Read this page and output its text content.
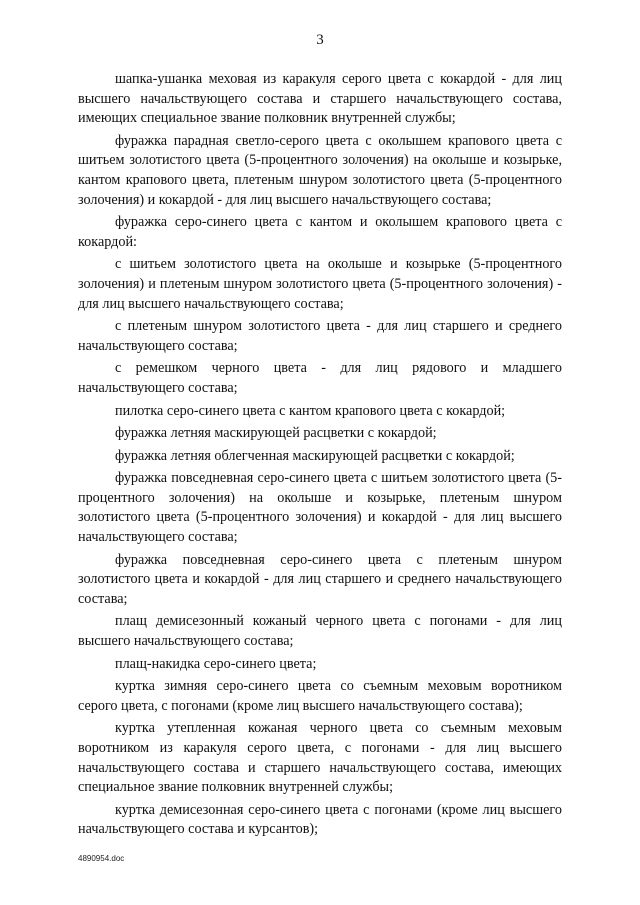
3

шапка-ушанка меховая из каракуля серого цвета с кокардой - для лиц высшего начальствующего состава и старшего начальствующего состава, имеющих специальное звание полковник внутренней службы;

фуражка парадная светло-серого цвета с околышем крапового цвета с шитьем золотистого цвета (5-процентного золочения) на околыше и козырьке, кантом крапового цвета, плетеным шнуром золотистого цвета (5-процентного золочения) и кокардой - для лиц высшего начальствующего состава;

фуражка серо-синего цвета с кантом и околышем крапового цвета с кокардой:

с шитьем золотистого цвета на околыше и козырьке (5-процентного золочения) и плетеным шнуром золотистого цвета (5-процентного золочения) - для лиц высшего начальствующего состава;

с плетеным шнуром золотистого цвета - для лиц старшего и среднего начальствующего состава;

с ремешком черного цвета - для лиц рядового и младшего начальствующего состава;

пилотка серо-синего цвета с кантом крапового цвета с кокардой;

фуражка летняя маскирующей расцветки с кокардой;

фуражка летняя облегченная маскирующей расцветки с кокардой;

фуражка повседневная серо-синего цвета с шитьем золотистого цвета (5-процентного золочения) на околыше и козырьке, плетеным шнуром золотистого цвета (5-процентного золочения) и кокардой - для лиц высшего начальствующего состава;

фуражка повседневная серо-синего цвета с плетеным шнуром золотистого цвета и кокардой - для лиц старшего и среднего начальствующего состава;

плащ демисезонный кожаный черного цвета с погонами - для лиц высшего начальствующего состава;

плащ-накидка серо-синего цвета;

куртка зимняя серо-синего цвета со съемным меховым воротником серого цвета, с погонами (кроме лиц высшего начальствующего состава);

куртка утепленная кожаная черного цвета со съемным меховым воротником из каракуля серого цвета, с погонами - для лиц высшего начальствующего состава и старшего начальствующего состава, имеющих специальное звание полковник внутренней службы;

куртка демисезонная серо-синего цвета с погонами (кроме лиц высшего начальствующего состава и курсантов);

4890954.doc
